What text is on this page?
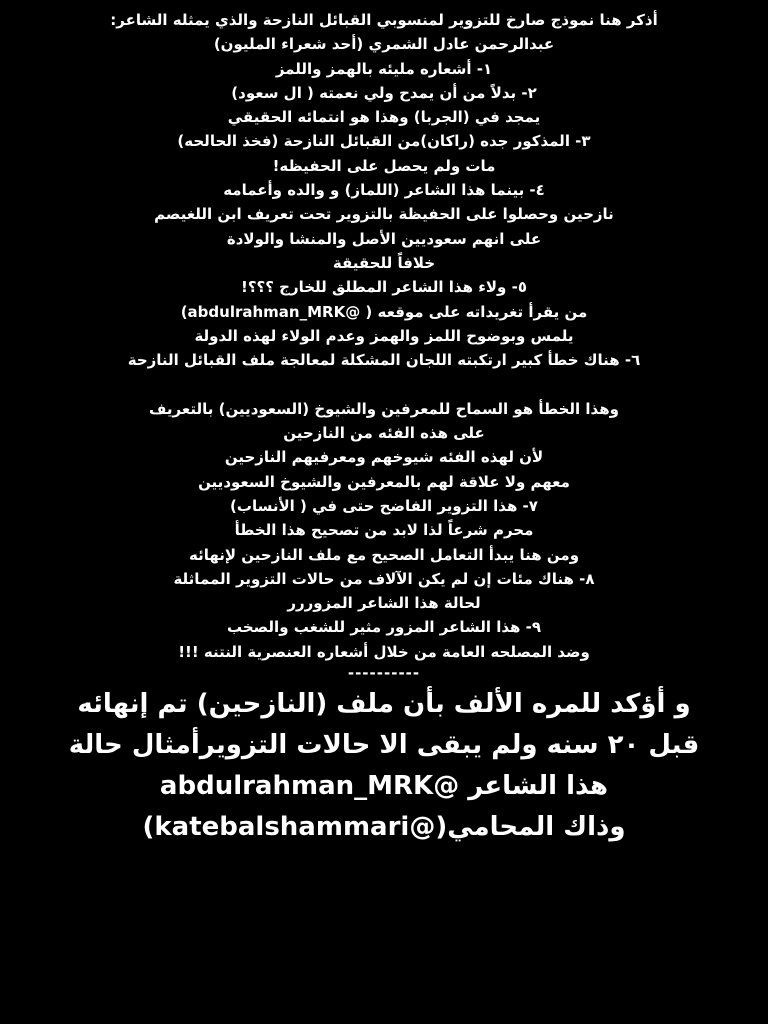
أذكر هنا نموذج صارخ للتزوير لمنسوبي القبائل النازحة والذي يمثله الشاعر:

عبدالرحمن عادل الشمري (أحد شعراء المليون)

١- أشعاره مليئه بالهمز واللمز

٢- بدلاً من أن يمدح ولي نعمته ( ال سعود)

يمجد في (الجربا) وهذا هو انتمائه الحقيقي

٣- المذكور جده (راكان)من القبائل النازحة (فخذ الحالحه)

مات ولم يحصل على الحفيظه!

٤- بينما هذا الشاعر (اللماز) و والده وأعمامه

نازحين وحصلوا على الحفيظة بالتزوير تحت تعريف ابن اللغيصم

على انهم سعوديين الأصل والمنشا والولادة

خلافاً للحقيقة

٥- ولاء هذا الشاعر المطلق للخارج ؟؟؟!

من يقرأ تغريداته على موقعه ( @abdulrahman_MRK)

يلمس وبوضوح اللمز والهمز وعدم الولاء لهذه الدولة

٦- هناك خطأ كبير ارتكبته اللجان المشكلة لمعالجة ملف القبائل النازحة

وهذا الخطأ هو السماح للمعرفين والشيوخ (السعوديين) بالتعريف

على هذه الفئه من النازحين

لأن لهذه الفئه شيوخهم ومعرفيهم النازحين

معهم ولا علاقة لهم بالمعرفين والشيوخ السعوديين

٧- هذا التزوير الفاضح حتى في ( الأنساب)

محرم شرعاً لذا لابد من تصحيح هذا الخطأ

ومن هنا يبدأ التعامل الصحيح مع ملف النازحين لإنهائه

٨- هناك مئات إن لم يكن الآلاف من حالات التزوير المماثلة

لحالة هذا الشاعر المزوررر

٩- هذا الشاعر المزور مثير للشغب والصخب

وضد المصلحه العامة من خلال أشعاره العنصرية النتنه !!!

----------

و أؤكد للمره الألف بأن ملف (النازحين) تم إنهائه

قبل ٢٠ سنه ولم يبقى الا حالات التزويرأمثال حالة

هذا الشاعر @abdulrahman_MRK

وذاك المحامي(@katebalshammari)
